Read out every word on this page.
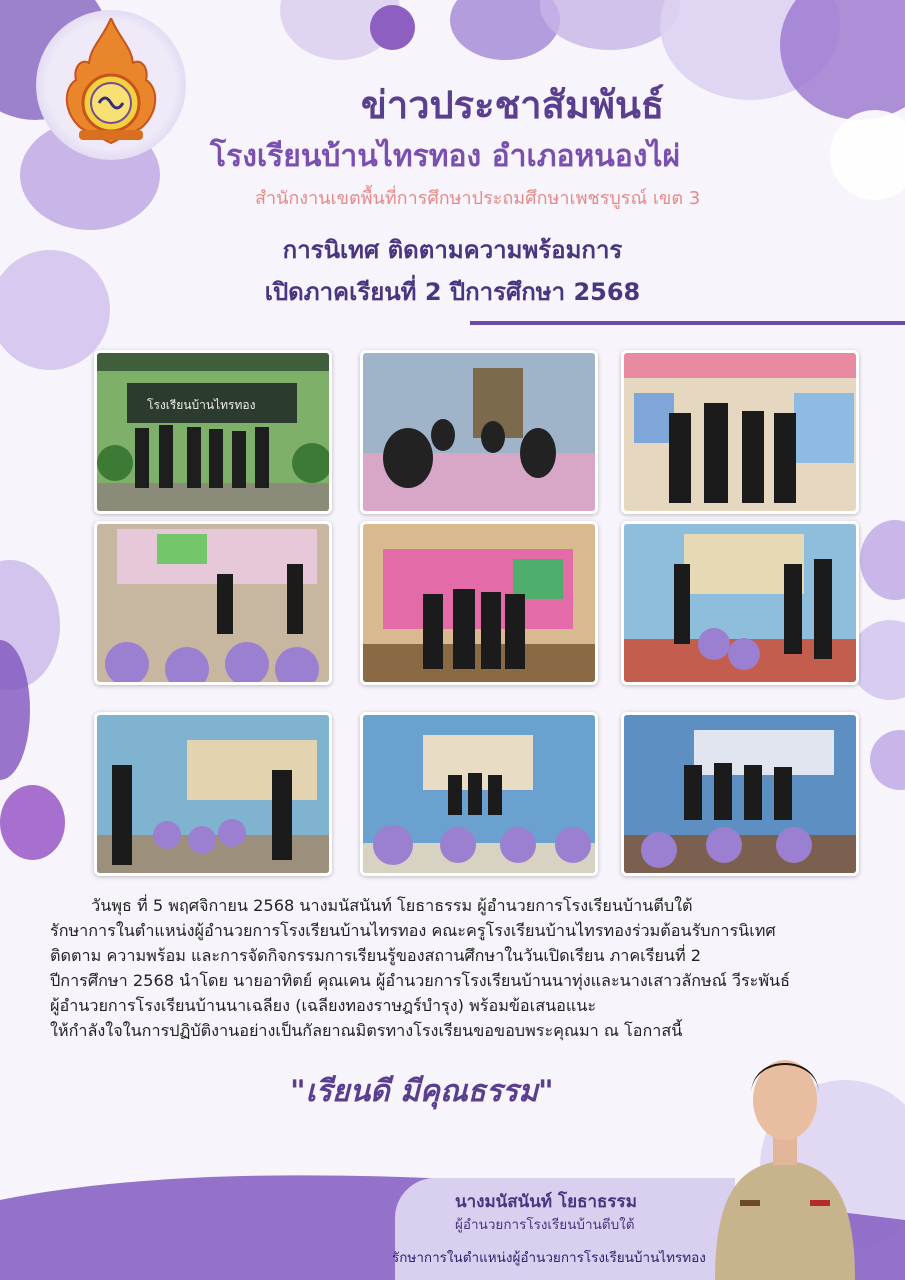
ข่าวประชาสัมพันธ์
โรงเรียนบ้านไทรทอง อำเภอหนองไผ่
สำนักงานเขตพื้นที่การศึกษาประถมศึกษาเพชรบูรณ์ เขต 3
การนิเทศ ติดตามความพร้อมการ
เปิดภาคเรียนที่ 2 ปีการศึกษา 2568
โรงเรียนบ้านไทรทอง

วันพุธ ที่ 5 พฤศจิกายน 2568 นางมนัสนันท์ โยธาธรรม ผู้อำนวยการโรงเรียนบ้านตีบใต้

รักษาการในตำแหน่งผู้อำนวยการโรงเรียนบ้านไทรทอง คณะครูโรงเรียนบ้านไทรทองร่วมต้อนรับการนิเทศ

ติดตาม ความพร้อม และการจัดกิจกรรมการเรียนรู้ของสถานศึกษาในวันเปิดเรียน ภาคเรียนที่ 2

ปีการศึกษา 2568 นำโดย นายอาทิตย์ คุณเคน ผู้อำนวยการโรงเรียนบ้านนาทุ่งและนางเสาวลักษณ์ วีระพันธ์

ผู้อำนวยการโรงเรียนบ้านนาเฉลียง (เฉลียงทองราษฎร์บำรุง) พร้อมข้อเสนอแนะ

ให้กำลังใจในการปฏิบัติงานอย่างเป็นกัลยาณมิตรทางโรงเรียนขอขอบพระคุณมา ณ โอกาสนี้

"เรียนดี มีคุณธรรม"
นางมนัสนันท์ โยธาธรรม
ผู้อำนวยการโรงเรียนบ้านตีบใต้
รักษาการในตำแหน่งผู้อำนวยการโรงเรียนบ้านไทรทอง
